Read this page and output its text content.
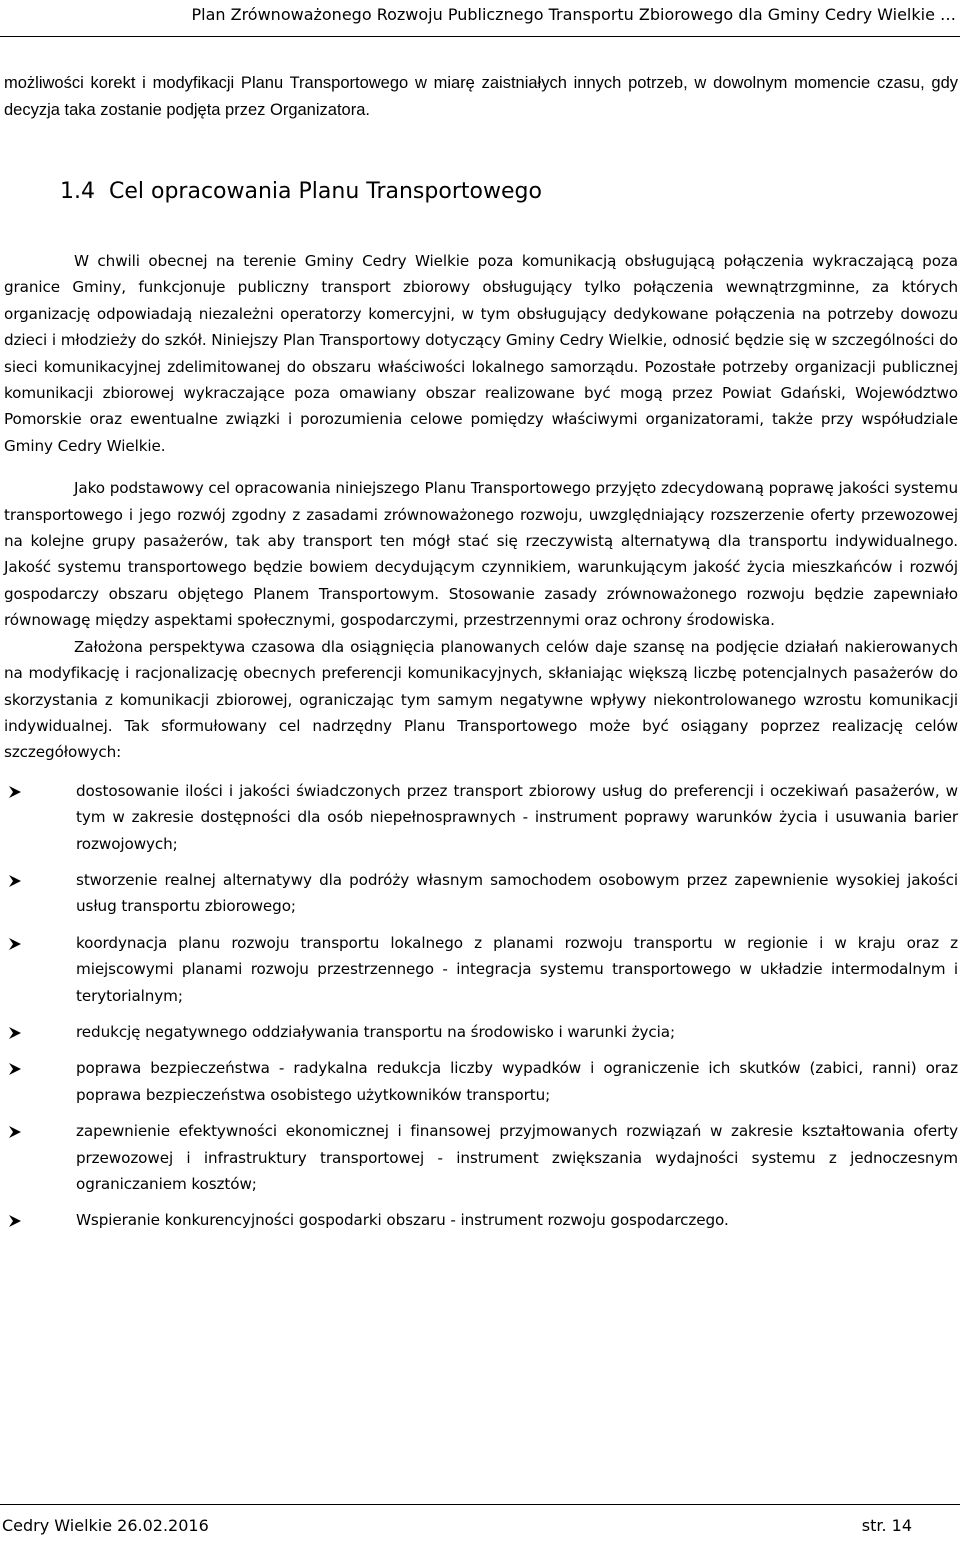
Plan Zrównoważonego Rozwoju Publicznego Transportu Zbiorowego dla Gminy Cedry Wielkie …

możliwości korekt i modyfikacji Planu Transportowego w miarę zaistniałych innych potrzeb, w dowolnym momencie czasu, gdy decyzja taka zostanie podjęta przez Organizatora.

1.4 Cel opracowania Planu Transportowego

W chwili obecnej na terenie Gminy Cedry Wielkie poza komunikacją obsługującą połączenia wykraczającą poza granice Gminy, funkcjonuje publiczny transport zbiorowy obsługujący tylko połączenia wewnątrzgminne, za których organizację odpowiadają niezależni operatorzy komercyjni, w tym obsługujący dedykowane połączenia na potrzeby dowozu dzieci i młodzieży do szkół. Niniejszy Plan Transportowy dotyczący Gminy Cedry Wielkie, odnosić będzie się w szczególności do sieci komunikacyjnej zdelimitowanej do obszaru właściwości lokalnego samorządu. Pozostałe potrzeby organizacji publicznej komunikacji zbiorowej wykraczające poza omawiany obszar realizowane być mogą przez Powiat Gdański, Województwo Pomorskie oraz ewentualne związki i porozumienia celowe pomiędzy właściwymi organizatorami, także przy współudziale Gminy Cedry Wielkie.

Jako podstawowy cel opracowania niniejszego Planu Transportowego przyjęto zdecydowaną poprawę jakości systemu transportowego i jego rozwój zgodny z zasadami zrównoważonego rozwoju, uwzględniający rozszerzenie oferty przewozowej na kolejne grupy pasażerów, tak aby transport ten mógł stać się rzeczywistą alternatywą dla transportu indywidualnego. Jakość systemu transportowego będzie bowiem decydującym czynnikiem, warunkującym jakość życia mieszkańców i rozwój gospodarczy obszaru objętego Planem Transportowym. Stosowanie zasady zrównoważonego rozwoju będzie zapewniało równowagę między aspektami społecznymi, gospodarczymi, przestrzennymi oraz ochrony środowiska.

Założona perspektywa czasowa dla osiągnięcia planowanych celów daje szansę na podjęcie działań nakierowanych na modyfikację i racjonalizację obecnych preferencji komunikacyjnych, skłaniając większą liczbę potencjalnych pasażerów do skorzystania z komunikacji zbiorowej, ograniczając tym samym negatywne wpływy niekontrolowanego wzrostu komunikacji indywidualnej. Tak sformułowany cel nadrzędny Planu Transportowego może być osiągany poprzez realizację celów szczegółowych:

dostosowanie ilości i jakości świadczonych przez transport zbiorowy usług do preferencji i oczekiwań pasażerów, w tym w zakresie dostępności dla osób niepełnosprawnych - instrument poprawy warunków życia i usuwania barier rozwojowych;
stworzenie realnej alternatywy dla podróży własnym samochodem osobowym przez zapewnienie wysokiej jakości usług transportu zbiorowego;
koordynacja planu rozwoju transportu lokalnego z planami rozwoju transportu w regionie i w kraju oraz z miejscowymi planami rozwoju przestrzennego - integracja systemu transportowego w układzie intermodalnym i terytorialnym;
redukcję negatywnego oddziaływania transportu na środowisko i warunki życia;
poprawa bezpieczeństwa - radykalna redukcja liczby wypadków i ograniczenie ich skutków (zabici, ranni) oraz poprawa bezpieczeństwa osobistego użytkowników transportu;
zapewnienie efektywności ekonomicznej i finansowej przyjmowanych rozwiązań w zakresie kształtowania oferty przewozowej i infrastruktury transportowej - instrument zwiększania wydajności systemu z jednoczesnym ograniczaniem kosztów;
Wspieranie konkurencyjności gospodarki obszaru - instrument rozwoju gospodarczego.
Cedry Wielkie 26.02.2016	str. 14
